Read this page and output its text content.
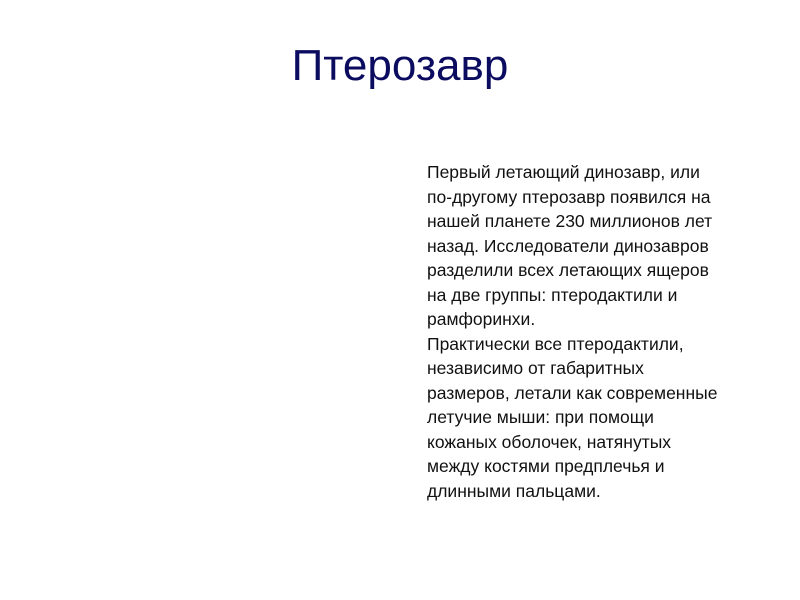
Птерозавр

Первый летающий динозавр, или
по-другому птерозавр появился на
нашей планете 230 миллионов лет
назад. Исследователи динозавров
разделили всех летающих ящеров
на две группы: птеродактили и
рамфоринхи.

Практически все птеродактили,
независимо от габаритных
размеров, летали как современные
летучие мыши: при помощи
кожаных оболочек, натянутых
между костями предплечья и
длинными пальцами.
